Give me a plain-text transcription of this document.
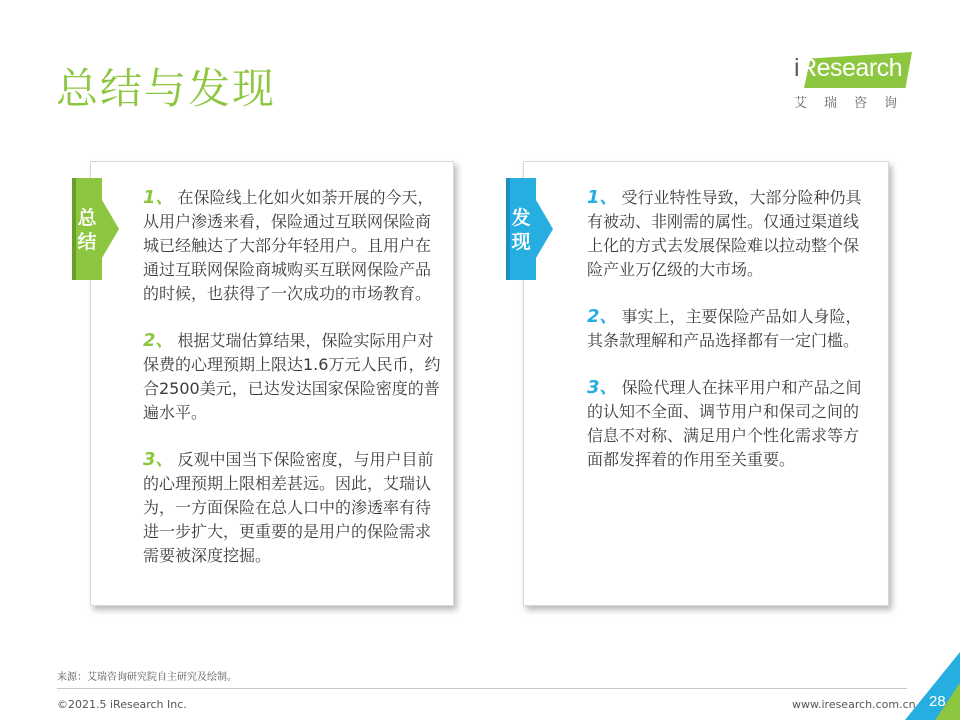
总结与发现	iResearch
艾瑞咨询
总结
发现
1、 在保险线上化如火如荼开展的今天，从用户渗透来看，保险通过互联网保险商城已经触达了大部分年轻用户。且用户在通过互联网保险商城购买互联网保险产品的时候，也获得了一次成功的市场教育。
2、 根据艾瑞估算结果，保险实际用户对保费的心理预期上限达1.6万元人民币，约合2500美元，已达发达国家保险密度的普遍水平。
3、 反观中国当下保险密度，与用户目前的心理预期上限相差甚远。因此，艾瑞认为，一方面保险在总人口中的渗透率有待进一步扩大，更重要的是用户的保险需求需要被深度挖掘。
1、 受行业特性导致，大部分险种仍具有被动、非刚需的属性。仅通过渠道线上化的方式去发展保险难以拉动整个保险产业万亿级的大市场。
2、 事实上，主要保险产品如人身险，其条款理解和产品选择都有一定门槛。
3、 保险代理人在抹平用户和产品之间的认知不全面、调节用户和保司之间的信息不对称、满足用户个性化需求等方面都发挥着的作用至关重要。
来源：艾瑞咨询研究院自主研究及绘制。
©2021.5 iResearch Inc.	www.iresearch.com.cn 28
